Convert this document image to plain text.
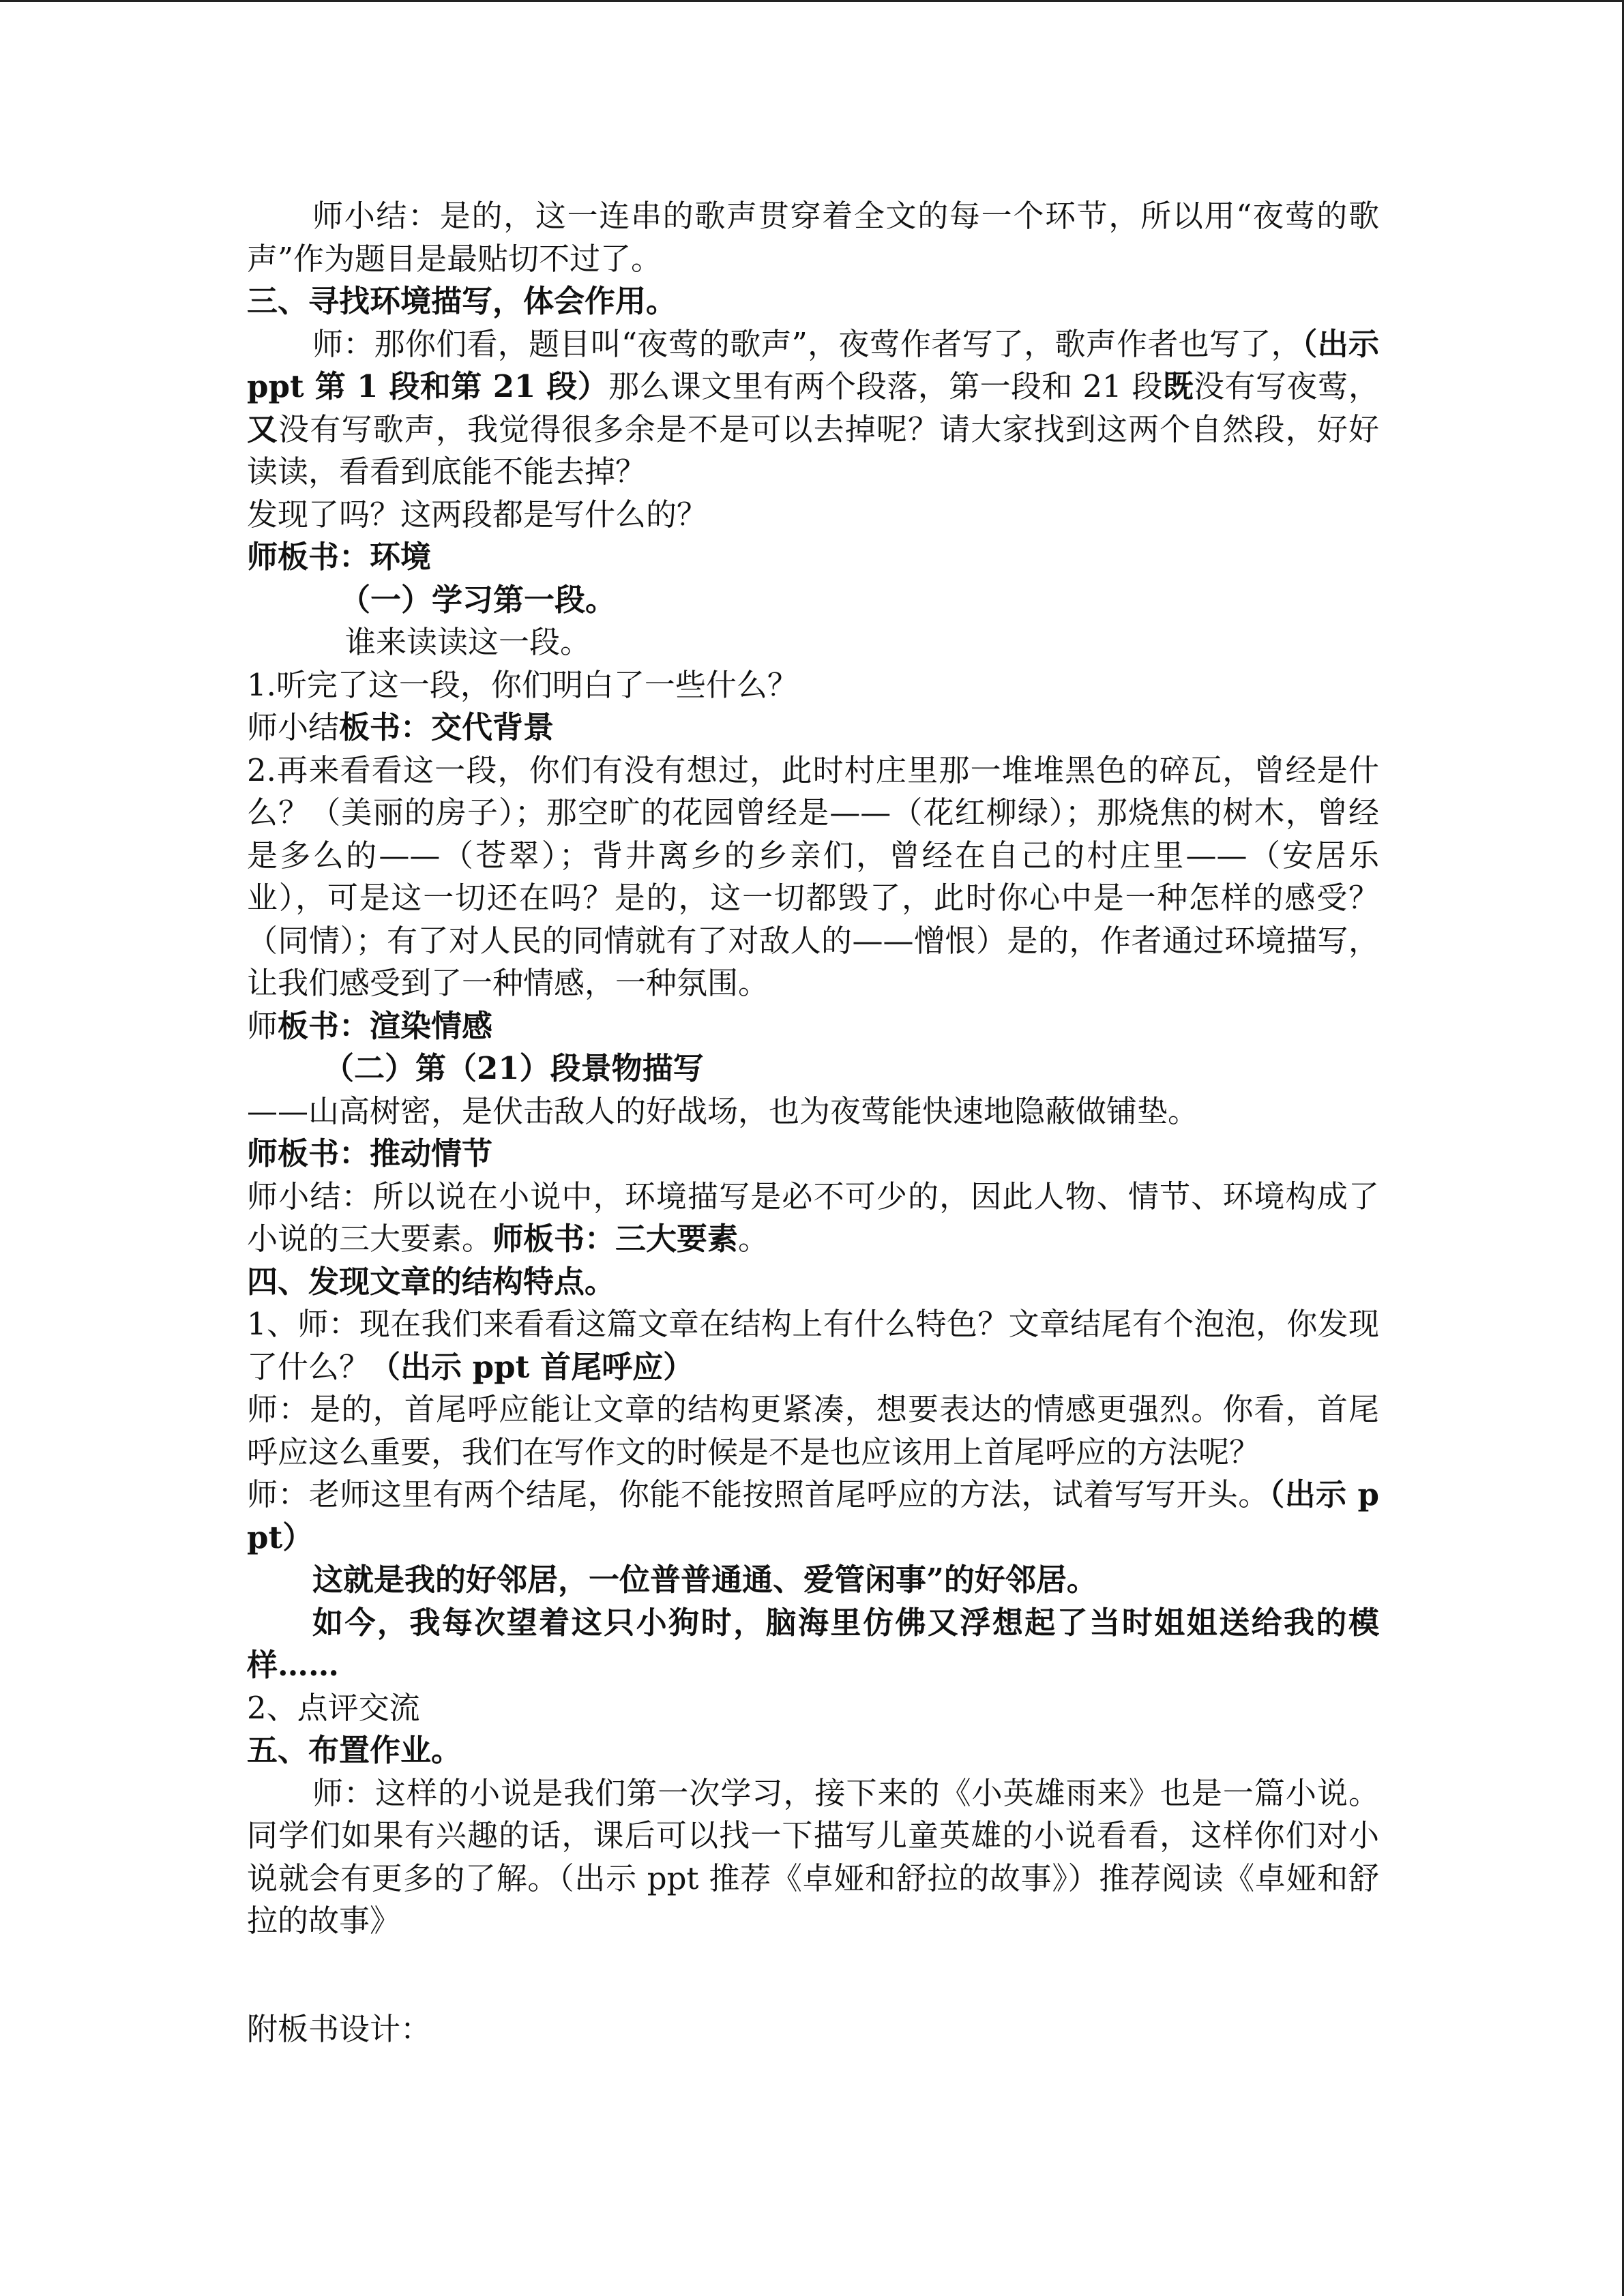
师小结：是的，这一连串的歌声贯穿着全文的每一个环节，所以用“夜莺的歌声”作为题目是最贴切不过了。

三、寻找环境描写，体会作用。

师：那你们看，题目叫“夜莺的歌声”，夜莺作者写了，歌声作者也写了，（出示 ppt 第 1 段和第 21 段）那么课文里有两个段落，第一段和 21 段既没有写夜莺，又没有写歌声，我觉得很多余是不是可以去掉呢？请大家找到这两个自然段，好好读读，看看到底能不能去掉？

发现了吗？这两段都是写什么的？

师板书：环境

（一）学习第一段。

谁来读读这一段。

1.听完了这一段，你们明白了一些什么？

师小结板书：交代背景

2.再来看看这一段，你们有没有想过，此时村庄里那一堆堆黑色的碎瓦，曾经是什么？（美丽的房子）；那空旷的花园曾经是——（花红柳绿）；那烧焦的树木，曾经是多么的——（苍翠）；背井离乡的乡亲们，曾经在自己的村庄里——（安居乐业），可是这一切还在吗？是的，这一切都毁了，此时你心中是一种怎样的感受？（同情）；有了对人民的同情就有了对敌人的——憎恨）是的，作者通过环境描写，让我们感受到了一种情感，一种氛围。

师板书：渲染情感

（二）第（21）段景物描写

——山高树密，是伏击敌人的好战场，也为夜莺能快速地隐蔽做铺垫。

师板书：推动情节

师小结：所以说在小说中，环境描写是必不可少的，因此人物、情节、环境构成了小说的三大要素。师板书：三大要素。

四、发现文章的结构特点。

1、师：现在我们来看看这篇文章在结构上有什么特色？文章结尾有个泡泡，你发现了什么？（出示 ppt 首尾呼应）

师：是的，首尾呼应能让文章的结构更紧凑，想要表达的情感更强烈。你看，首尾呼应这么重要，我们在写作文的时候是不是也应该用上首尾呼应的方法呢？

师：老师这里有两个结尾，你能不能按照首尾呼应的方法，试着写写开头。（出示 ppt）

这就是我的好邻居，一位普普通通、爱管闲事”的好邻居。

如今，我每次望着这只小狗时，脑海里仿佛又浮想起了当时姐姐送给我的模样……

2、点评交流

五、布置作业。

师：这样的小说是我们第一次学习，接下来的《小英雄雨来》也是一篇小说。同学们如果有兴趣的话，课后可以找一下描写儿童英雄的小说看看，这样你们对小说就会有更多的了解。（出示 ppt 推荐《卓娅和舒拉的故事》）推荐阅读《卓娅和舒拉的故事》

附板书设计：
